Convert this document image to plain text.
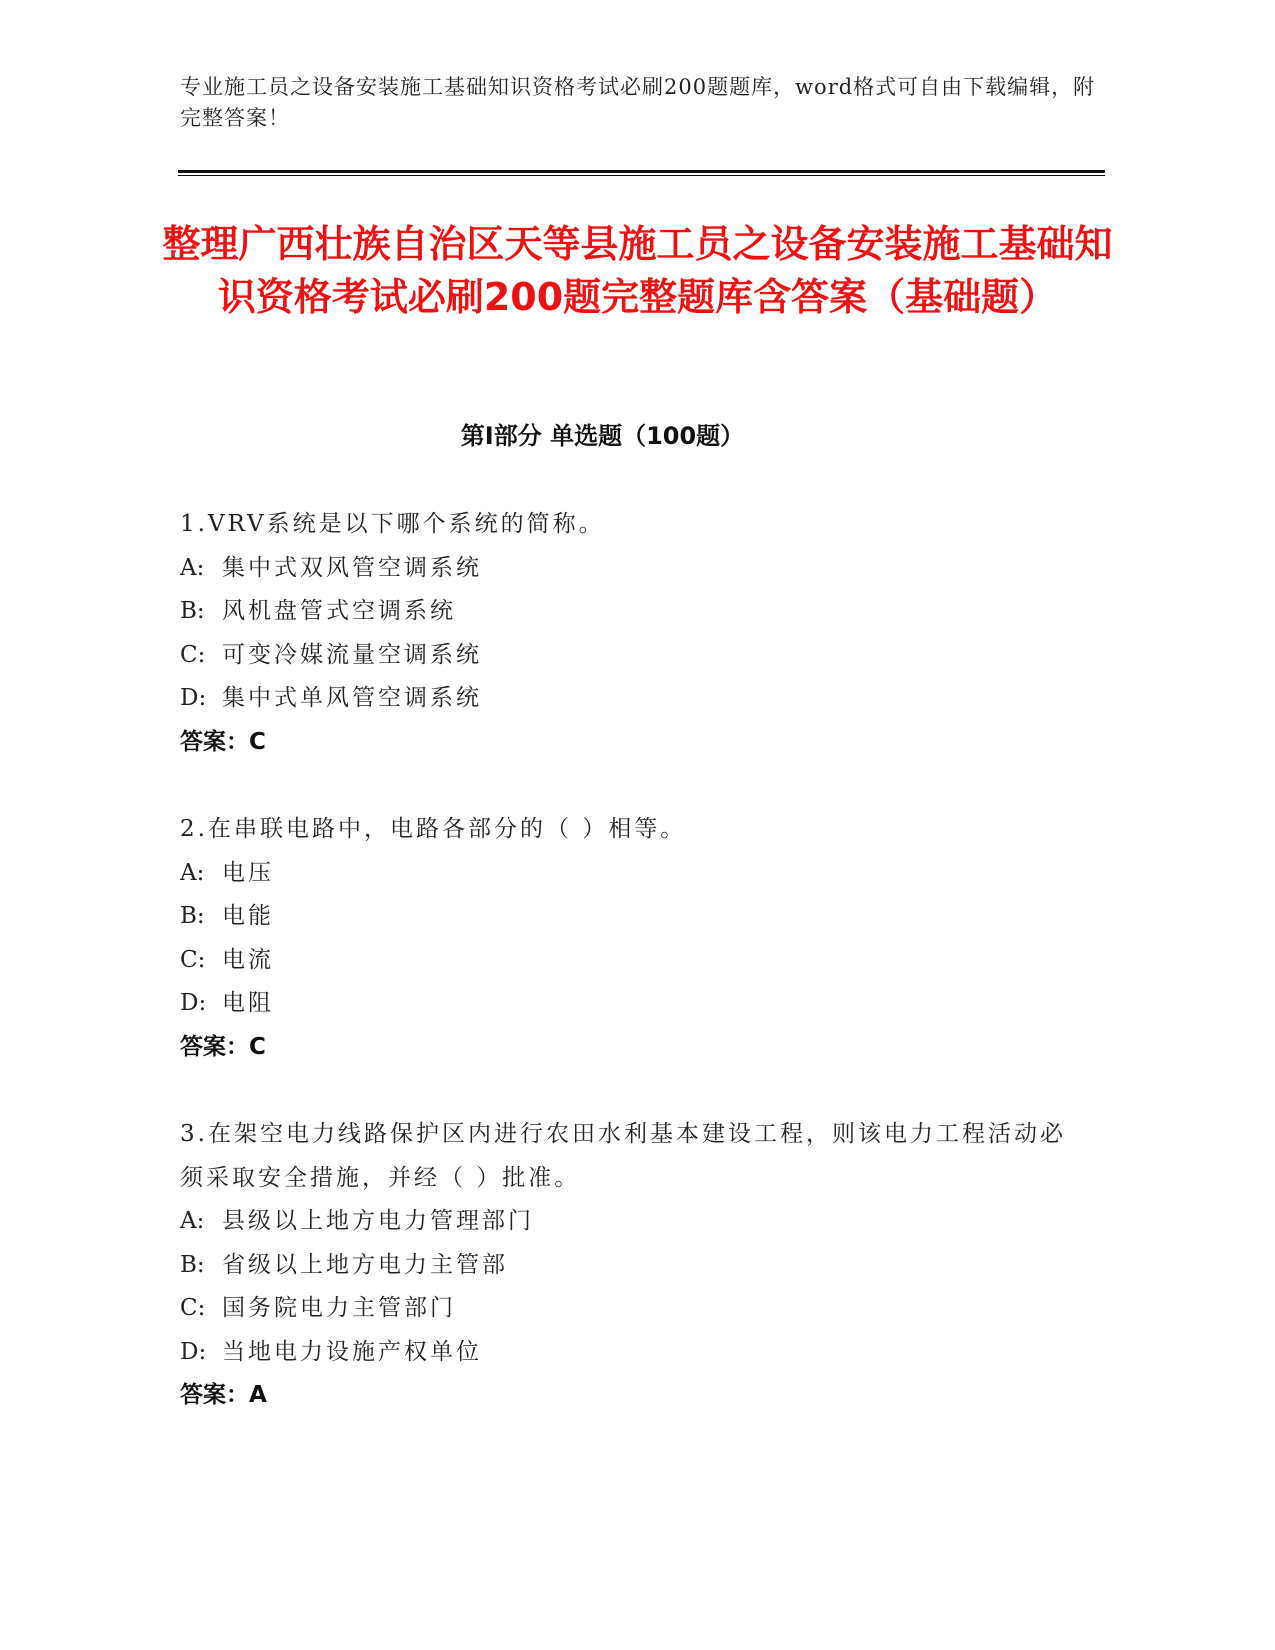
专业施工员之设备安装施工基础知识资格考试必刷200题题库，word格式可自由下载编辑，附完整答案！
整理广西壮族自治区天等县施工员之设备安装施工基础知识资格考试必刷200题完整题库含答案（基础题）
第Ⅰ部分 单选题（100题）
1.VRV系统是以下哪个系统的简称。
A: 集中式双风管空调系统
B: 风机盘管式空调系统
C: 可变冷媒流量空调系统
D: 集中式单风管空调系统
答案：C
2.在串联电路中，电路各部分的（ ）相等。
A: 电压
B: 电能
C: 电流
D: 电阻
答案：C
3.在架空电力线路保护区内进行农田水利基本建设工程，则该电力工程活动必须采取安全措施，并经（ ）批准。
A: 县级以上地方电力管理部门
B: 省级以上地方电力主管部
C: 国务院电力主管部门
D: 当地电力设施产权单位
答案：A
